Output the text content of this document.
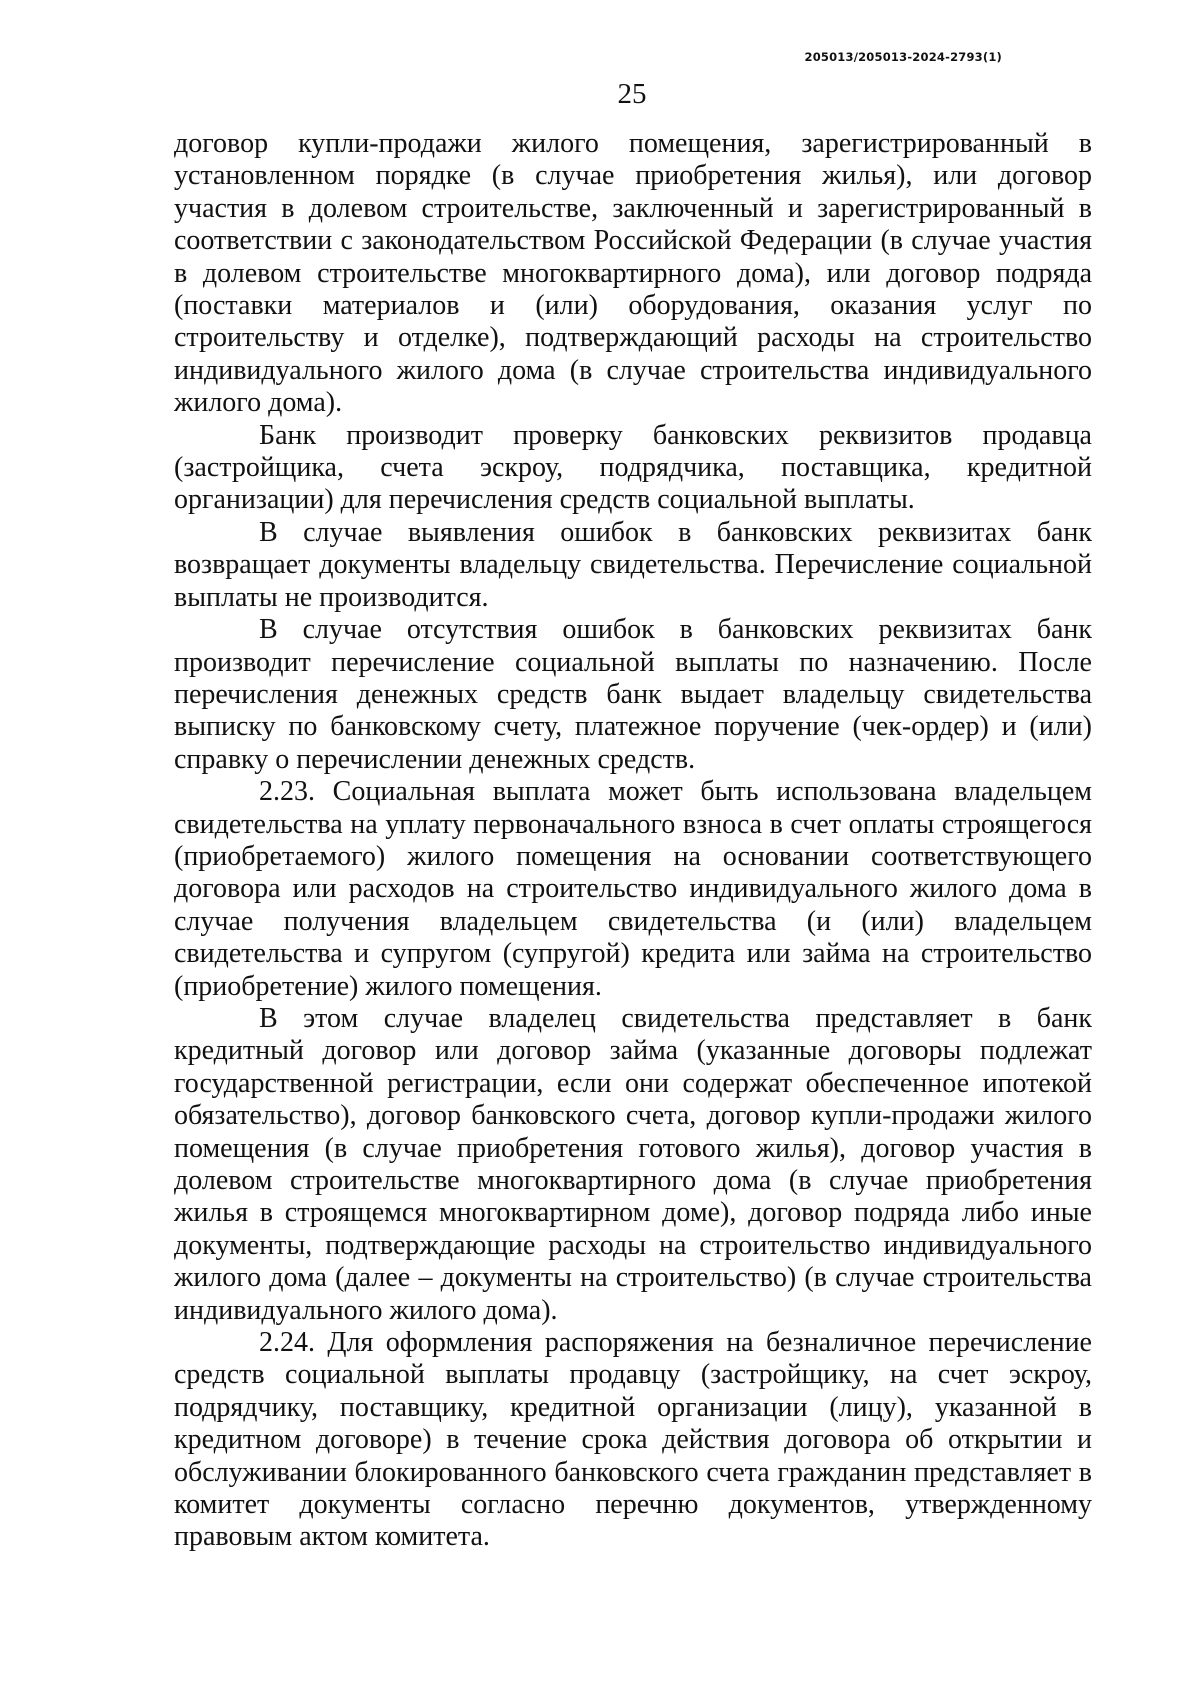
205013/205013-2024-2793(1)
25

договор купли-продажи жилого помещения, зарегистрированный в установленном порядке (в случае приобретения жилья), или договор участия в долевом строительстве, заключенный и зарегистрированный в соответствии с законодательством Российской Федерации (в случае участия в долевом строительстве многоквартирного дома), или договор подряда (поставки материалов и (или) оборудования, оказания услуг по строительству и отделке), подтверждающий расходы на строительство индивидуального жилого дома (в случае строительства индивидуального жилого дома).

Банк производит проверку банковских реквизитов продавца (застройщика, счета эскроу, подрядчика, поставщика, кредитной организации) для перечисления средств социальной выплаты.

В случае выявления ошибок в банковских реквизитах банк возвращает документы владельцу свидетельства. Перечисление социальной выплаты не производится.

В случае отсутствия ошибок в банковских реквизитах банк производит перечисление социальной выплаты по назначению. После перечисления денежных средств банк выдает владельцу свидетельства выписку по банковскому счету, платежное поручение (чек-ордер) и (или) справку о перечислении денежных средств.

2.23. Социальная выплата может быть использована владельцем свидетельства на уплату первоначального взноса в счет оплаты строящегося (приобретаемого) жилого помещения на основании соответствующего договора или расходов на строительство индивидуального жилого дома в случае получения владельцем свидетельства (и (или) владельцем свидетельства и супругом (супругой) кредита или займа на строительство (приобретение) жилого помещения.

В этом случае владелец свидетельства представляет в банк кредитный договор или договор займа (указанные договоры подлежат государственной регистрации, если они содержат обеспеченное ипотекой обязательство), договор банковского счета, договор купли-продажи жилого помещения (в случае приобретения готового жилья), договор участия в долевом строительстве многоквартирного дома (в случае приобретения жилья в строящемся многоквартирном доме), договор подряда либо иные документы, подтверждающие расходы на строительство индивидуального жилого дома (далее – документы на строительство) (в случае строительства индивидуального жилого дома).

2.24. Для оформления распоряжения на безналичное перечисление средств социальной выплаты продавцу (застройщику, на счет эскроу, подрядчику, поставщику, кредитной организации (лицу), указанной в кредитном договоре) в течение срока действия договора об открытии и обслуживании блокированного банковского счета гражданин представляет в комитет документы согласно перечню документов, утвержденному правовым актом комитета.
